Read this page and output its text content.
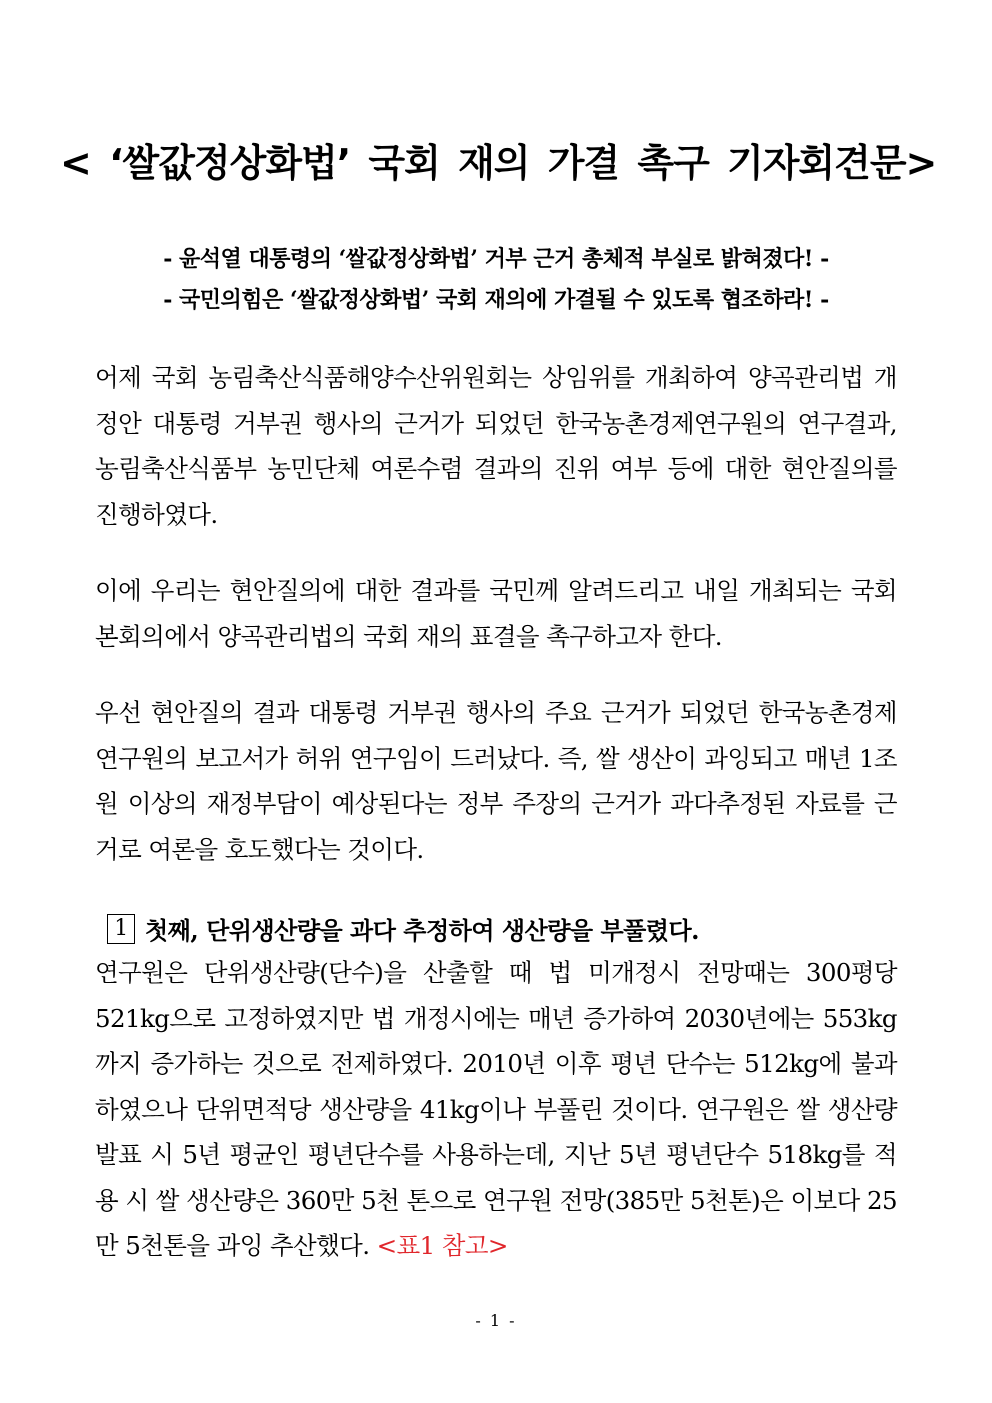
< ‘쌀값정상화법’ 국회 재의 가결 촉구 기자회견문>
- 윤석열 대통령의 ‘쌀값정상화법’ 거부 근거 총체적 부실로 밝혀졌다! -
- 국민의힘은 ‘쌀값정상화법’ 국회 재의에 가결될 수 있도록 협조하라! -

어제 국회 농림축산식품해양수산위원회는 상임위를 개최하여 양곡관리법 개정안 대통령 거부권 행사의 근거가 되었던 한국농촌경제연구원의 연구결과, 농림축산식품부 농민단체 여론수렴 결과의 진위 여부 등에 대한 현안질의를 진행하였다.

이에 우리는 현안질의에 대한 결과를 국민께 알려드리고 내일 개최되는 국회 본회의에서 양곡관리법의 국회 재의 표결을 촉구하고자 한다.

우선 현안질의 결과 대통령 거부권 행사의 주요 근거가 되었던 한국농촌경제연구원의 보고서가 허위 연구임이 드러났다. 즉, 쌀 생산이 과잉되고 매년 1조원 이상의 재정부담이 예상된다는 정부 주장의 근거가 과다추정된 자료를 근거로 여론을 호도했다는 것이다.

1 첫째, 단위생산량을 과다 추정하여 생산량을 부풀렸다.

연구원은 단위생산량(단수)을 산출할 때 법 미개정시 전망때는 300평당 521kg으로 고정하였지만 법 개정시에는 매년 증가하여 2030년에는 553kg까지 증가하는 것으로 전제하였다. 2010년 이후 평년 단수는 512kg에 불과하였으나 단위면적당 생산량을 41kg이나 부풀린 것이다. 연구원은 쌀 생산량 발표 시 5년 평균인 평년단수를 사용하는데, 지난 5년 평년단수 518kg를 적용 시 쌀 생산량은 360만 5천 톤으로 연구원 전망(385만 5천톤)은 이보다 25만 5천톤을 과잉 추산했다. <표1 참고>

- 1 -
